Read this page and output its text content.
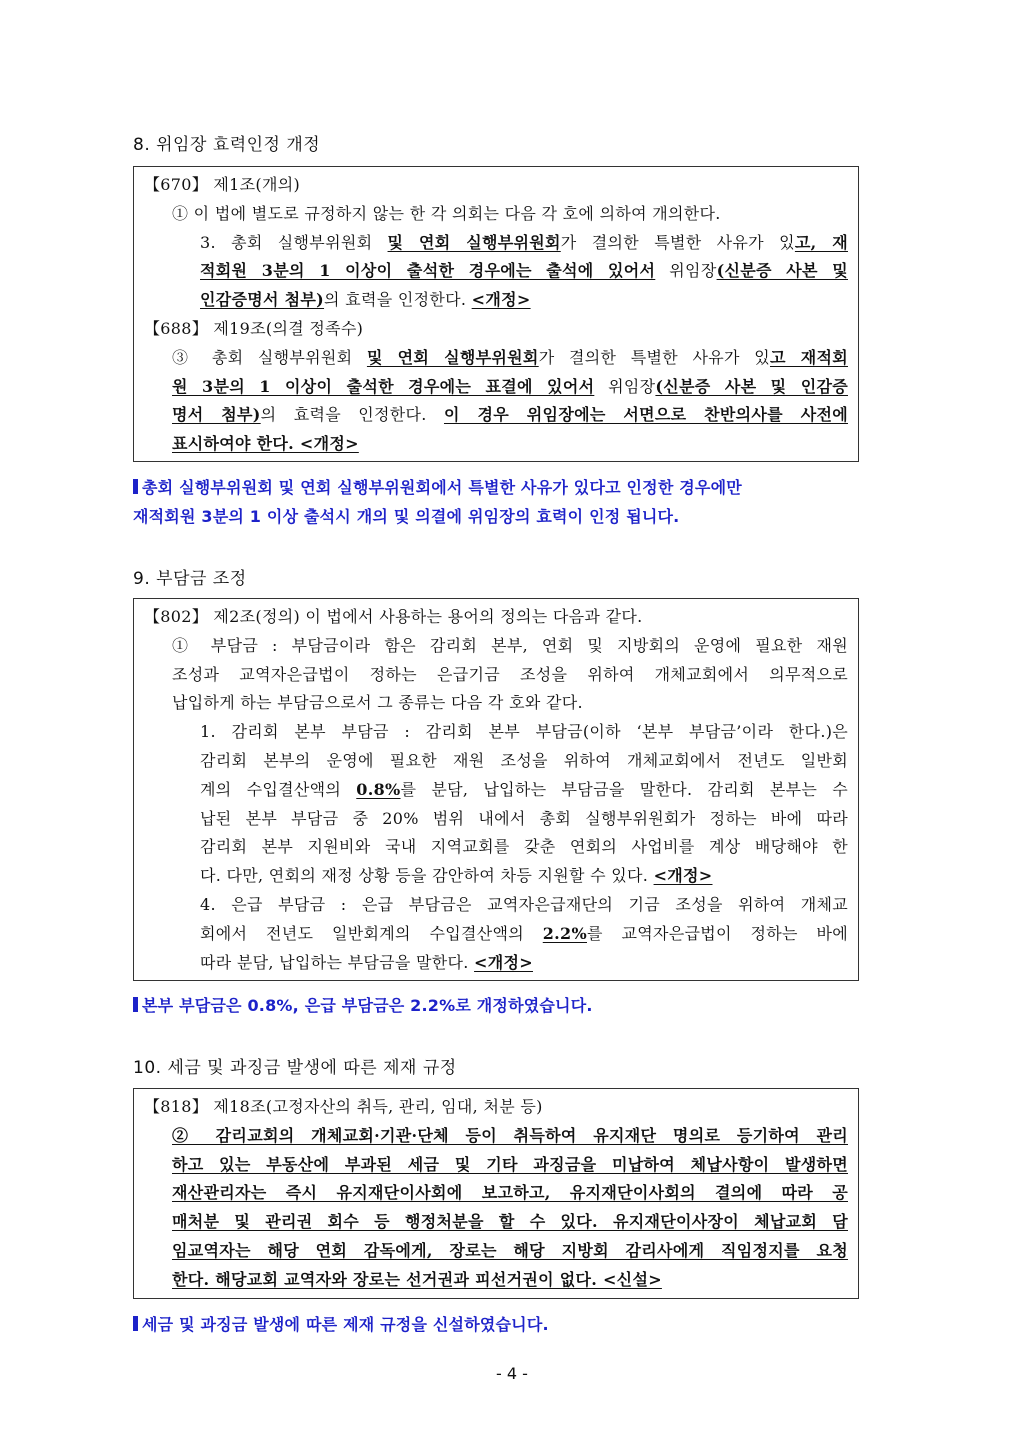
8. 위임장 효력인정 개정
【670】 제1조(개의)
① 이 법에 별도로 규정하지 않는 한 각 의회는 다음 각 호에 의하여 개의한다.
3. 총회 실행부위원회 및 연회 실행부위원회가 결의한 특별한 사유가 있고, 재
적회원 3분의 1 이상이 출석한 경우에는 출석에 있어서 위임장(신분증 사본 및
인감증명서 첨부)의 효력을 인정한다. <개정>
【688】 제19조(의결 정족수)
③ 총회 실행부위원회 및 연회 실행부위원회가 결의한 특별한 사유가 있고 재적회
원 3분의 1 이상이 출석한 경우에는 표결에 있어서 위임장(신분증 사본 및 인감증
명서 첨부)의 효력을 인정한다. 이 경우 위임장에는 서면으로 찬반의사를 사전에
표시하여야 한다. <개정>
총회 실행부위원회 및 연회 실행부위원회에서 특별한 사유가 있다고 인정한 경우에만
재적회원 3분의 1 이상 출석시 개의 및 의결에 위임장의 효력이 인정 됩니다.
9. 부담금 조정
【802】 제2조(정의) 이 법에서 사용하는 용어의 정의는 다음과 같다.
① 부담금 : 부담금이라 함은 감리회 본부, 연회 및 지방회의 운영에 필요한 재원
조성과 교역자은급법이 정하는 은급기금 조성을 위하여 개체교회에서 의무적으로
납입하게 하는 부담금으로서 그 종류는 다음 각 호와 같다.
1. 감리회 본부 부담금 : 감리회 본부 부담금(이하 ‘본부 부담금’이라 한다.)은
감리회 본부의 운영에 필요한 재원 조성을 위하여 개체교회에서 전년도 일반회
계의 수입결산액의 0.8%를 분담, 납입하는 부담금을 말한다. 감리회 본부는 수
납된 본부 부담금 중 20% 범위 내에서 총회 실행부위원회가 정하는 바에 따라
감리회 본부 지원비와 국내 지역교회를 갖춘 연회의 사업비를 계상 배당해야 한
다. 다만, 연회의 재정 상황 등을 감안하여 차등 지원할 수 있다. <개정>
4. 은급 부담금 : 은급 부담금은 교역자은급재단의 기금 조성을 위하여 개체교
회에서 전년도 일반회계의 수입결산액의 2.2%를 교역자은급법이 정하는 바에
따라 분담, 납입하는 부담금을 말한다. <개정>
본부 부담금은 0.8%, 은급 부담금은 2.2%로 개정하였습니다.
10. 세금 및 과징금 발생에 따른 제재 규정
【818】 제18조(고정자산의 취득, 관리, 임대, 처분 등)
② 감리교회의 개체교회·기관·단체 등이 취득하여 유지재단 명의로 등기하여 관리
하고 있는 부동산에 부과된 세금 및 기타 과징금을 미납하여 체납사항이 발생하면
재산관리자는 즉시 유지재단이사회에 보고하고, 유지재단이사회의 결의에 따라 공
매처분 및 관리권 회수 등 행정처분을 할 수 있다. 유지재단이사장이 체납교회 담
임교역자는 해당 연회 감독에게, 장로는 해당 지방회 감리사에게 직임정지를 요청
한다. 해당교회 교역자와 장로는 선거권과 피선거권이 없다. <신설>
세금 및 과징금 발생에 따른 제재 규정을 신설하였습니다.
- 4 -
